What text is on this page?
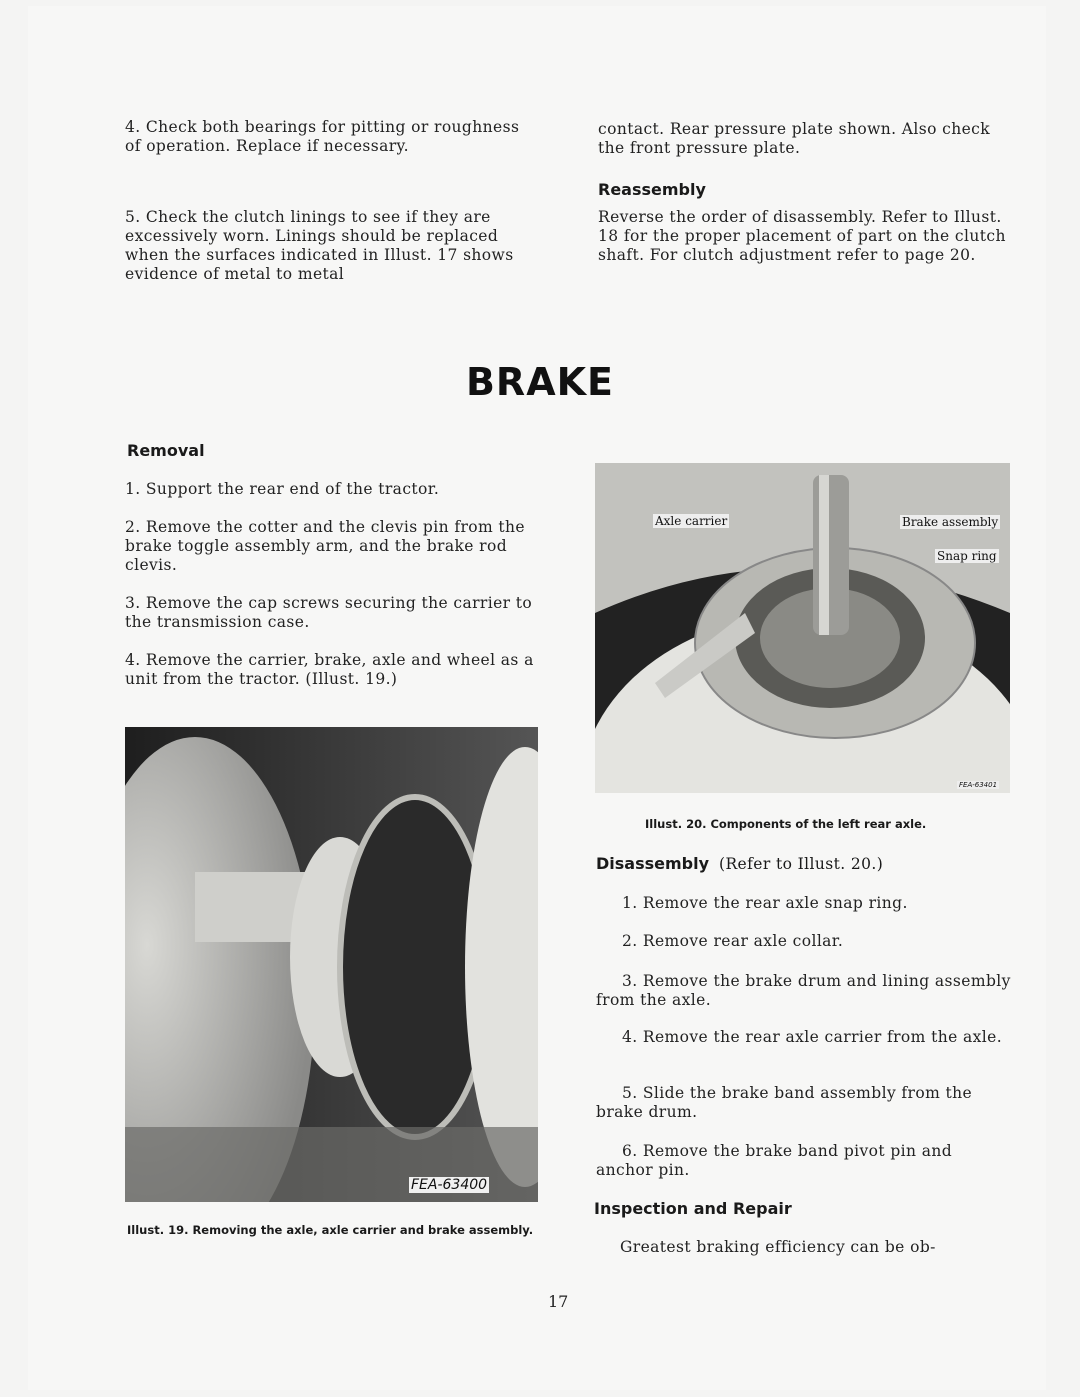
4. Check both bearings for pitting or roughness of operation. Replace if necessary.

5. Check the clutch linings to see if they are excessively worn. Linings should be replaced when the surfaces indicated in Illust. 17 shows evidence of metal to metal

contact. Rear pressure plate shown. Also check the front pressure plate.

Reassembly

Reverse the order of disassembly. Refer to Illust. 18 for the proper placement of part on the clutch shaft. For clutch adjustment refer to page 20.

BRAKE
Removal

1. Support the rear end of the tractor.

2. Remove the cotter and the clevis pin from the brake toggle assembly arm, and the brake rod clevis.

3. Remove the cap screws securing the carrier to the transmission case.

4. Remove the carrier, brake, axle and wheel as a unit from the tractor. (Illust. 19.)

FEA-63400
Illust. 19. Removing the axle, axle carrier and brake assembly.
Axle carrier	Brake assembly
Snap ring
FEA-63401
Illust. 20. Components of the left rear axle.
Disassembly (Refer to Illust. 20.)

1. Remove the rear axle snap ring.

2. Remove rear axle collar.

3. Remove the brake drum and lining assembly from the axle.

4. Remove the rear axle carrier from the axle.

5. Slide the brake band assembly from the brake drum.

6. Remove the brake band pivot pin and anchor pin.

Inspection and Repair

Greatest braking efficiency can be ob-

17
